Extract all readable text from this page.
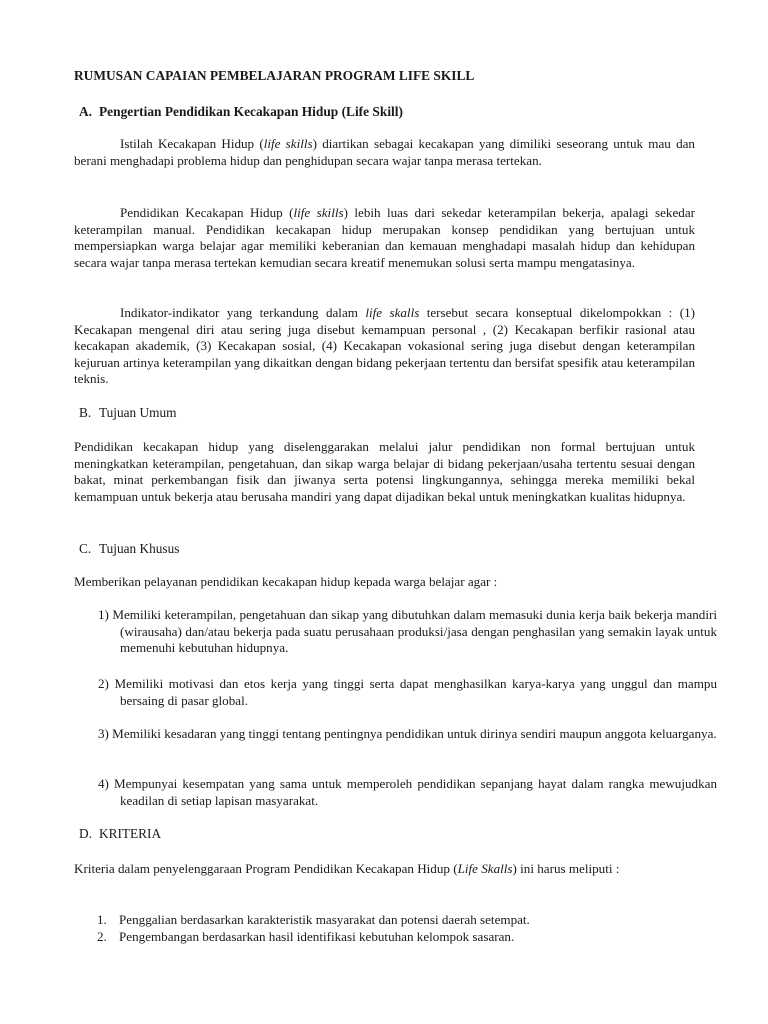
RUMUSAN CAPAIAN PEMBELAJARAN PROGRAM LIFE SKILL
A. Pengertian Pendidikan Kecakapan Hidup (Life Skill)

Istilah Kecakapan Hidup (life skills) diartikan sebagai kecakapan yang dimiliki seseorang untuk mau dan berani menghadapi problema hidup dan penghidupan secara wajar tanpa merasa tertekan.

Pendidikan Kecakapan Hidup (life skills) lebih luas dari sekedar keterampilan bekerja, apalagi sekedar keterampilan manual. Pendidikan kecakapan hidup merupakan konsep pendidikan yang bertujuan untuk mempersiapkan warga belajar agar memiliki keberanian dan kemauan menghadapi masalah hidup dan kehidupan secara wajar tanpa merasa tertekan kemudian secara kreatif menemukan solusi serta mampu mengatasinya.

Indikator-indikator yang terkandung dalam life skalls tersebut secara konseptual dikelompokkan : (1) Kecakapan mengenal diri atau sering juga disebut kemampuan personal , (2) Kecakapan berfikir rasional atau kecakapan akademik, (3) Kecakapan sosial, (4) Kecakapan vokasional sering juga disebut dengan keterampilan kejuruan artinya keterampilan yang dikaitkan dengan bidang pekerjaan tertentu dan bersifat spesifik atau keterampilan teknis.

B. Tujuan Umum

Pendidikan kecakapan hidup yang diselenggarakan melalui jalur pendidikan non formal bertujuan untuk meningkatkan keterampilan, pengetahuan, dan sikap warga belajar di bidang pekerjaan/usaha tertentu sesuai dengan bakat, minat perkembangan fisik dan jiwanya serta potensi lingkungannya, sehingga mereka memiliki bekal kemampuan untuk bekerja atau berusaha mandiri yang dapat dijadikan bekal untuk meningkatkan kualitas hidupnya.

C. Tujuan Khusus

Memberikan pelayanan pendidikan kecakapan hidup kepada warga belajar agar :

1) Memiliki keterampilan, pengetahuan dan sikap yang dibutuhkan dalam memasuki dunia kerja baik bekerja mandiri (wirausaha) dan/atau bekerja pada suatu perusahaan produksi/jasa dengan penghasilan yang semakin layak untuk memenuhi kebutuhan hidupnya.

2) Memiliki motivasi dan etos kerja yang tinggi serta dapat menghasilkan karya-karya yang unggul dan mampu bersaing di pasar global.

3) Memiliki kesadaran yang tinggi tentang pentingnya pendidikan untuk dirinya sendiri maupun anggota keluarganya.

4) Mempunyai kesempatan yang sama untuk memperoleh pendidikan sepanjang hayat dalam rangka mewujudkan keadilan di setiap lapisan masyarakat.

D. KRITERIA

Kriteria dalam penyelenggaraan Program Pendidikan Kecakapan Hidup (Life Skalls) ini harus meliputi :

1. Penggalian berdasarkan karakteristik masyarakat dan potensi daerah setempat.
2. Pengembangan berdasarkan hasil identifikasi kebutuhan kelompok sasaran.
